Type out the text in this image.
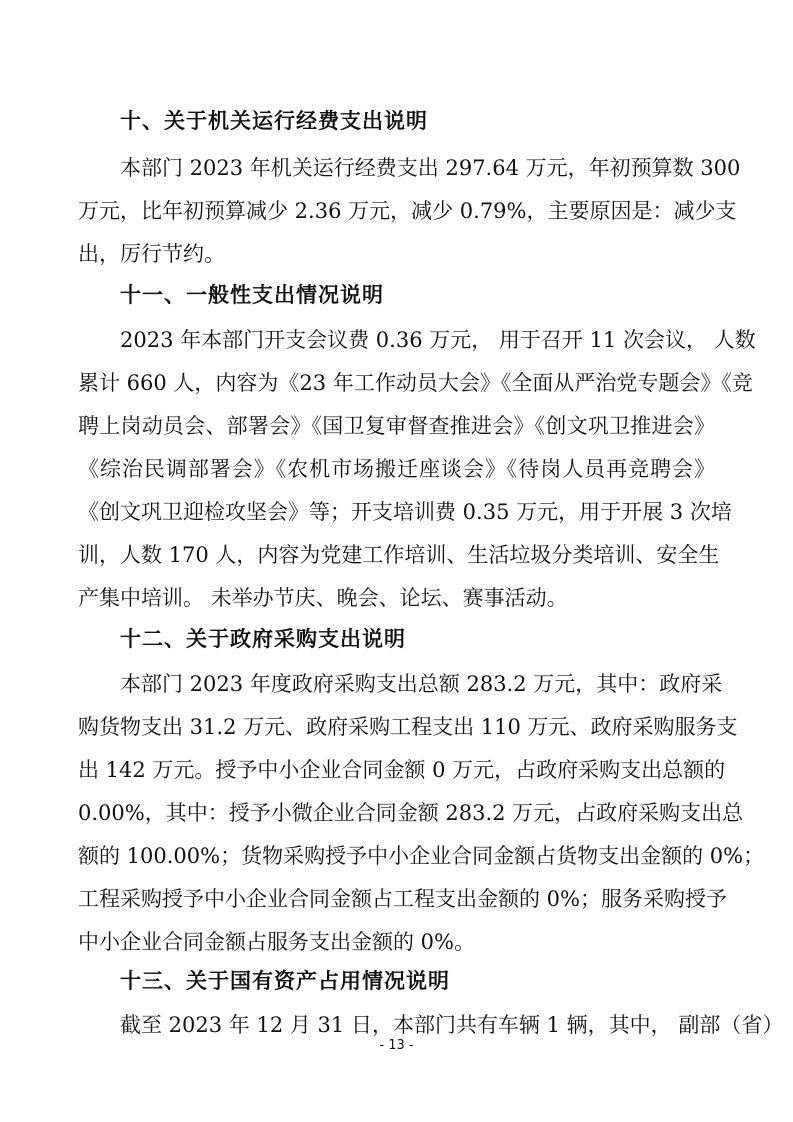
十、关于机关运行经费支出说明
本部门 2023 年机关运行经费支出 297.64 万元，年初预算数 300
万元，比年初预算减少 2.36 万元，减少 0.79%，主要原因是：减少支
出，厉行节约。
十一、一般性支出情况说明
2023 年本部门开支会议费 0.36 万元， 用于召开 11 次会议， 人数
累计 660 人，内容为《23 年工作动员大会》《全面从严治党专题会》《竞
聘上岗动员会、部署会》《国卫复审督查推进会》《创文巩卫推进会》
《综治民调部署会》《农机市场搬迁座谈会》《待岗人员再竞聘会》
《创文巩卫迎检攻坚会》等；开支培训费 0.35 万元，用于开展 3 次培
训，人数 170 人，内容为党建工作培训、生活垃圾分类培训、安全生
产集中培训。 未举办节庆、晚会、论坛、赛事活动。
十二、关于政府采购支出说明
本部门 2023 年度政府采购支出总额 283.2 万元，其中：政府采
购货物支出 31.2 万元、政府采购工程支出 110 万元、政府采购服务支
出 142 万元。授予中小企业合同金额 0 万元，占政府采购支出总额的
0.00%，其中：授予小微企业合同金额 283.2 万元，占政府采购支出总
额的 100.00%；货物采购授予中小企业合同金额占货物支出金额的 0%；
工程采购授予中小企业合同金额占工程支出金额的 0%；服务采购授予
中小企业合同金额占服务支出金额的 0%。
十三、关于国有资产占用情况说明
截至 2023 年 12 月 31 日，本部门共有车辆 1 辆，其中， 副部（省）
- 13 -
